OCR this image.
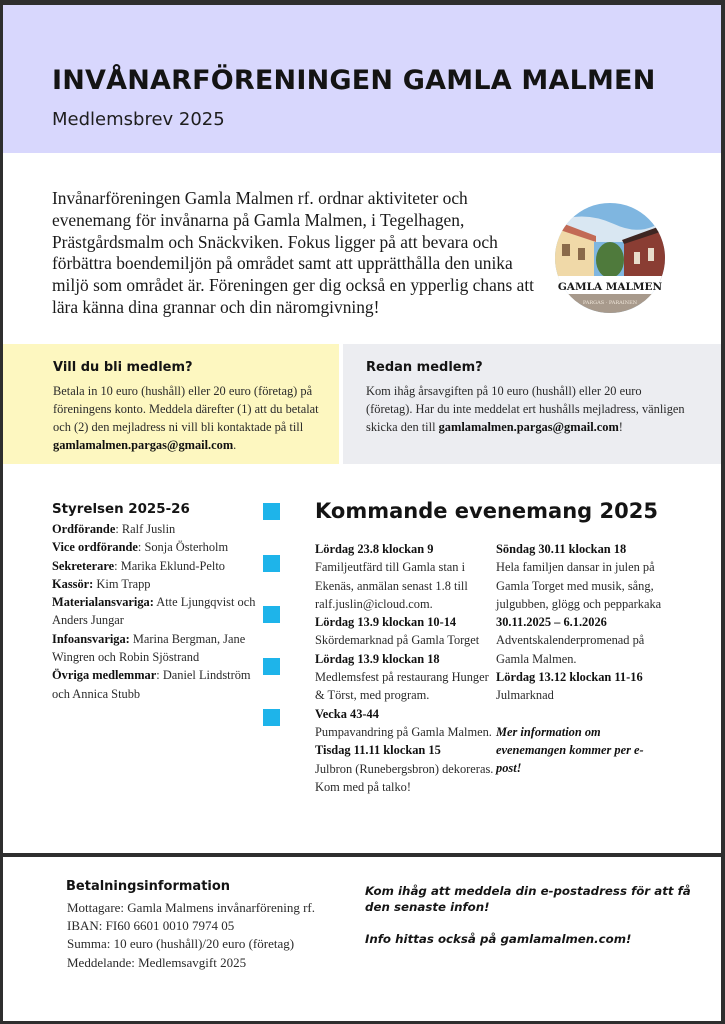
INVÅNARFÖRENINGEN GAMLA MALMEN

Medlemsbrev 2025

Invånarföreningen Gamla Malmen rf. ordnar aktiviteter och evenemang för invånarna på Gamla Malmen, i Tegelhagen, Prästgårdsmalm och Snäckviken. Fokus ligger på att bevara och förbättra boendemiljön på området samt att upprätthålla den unika miljö som området är. Föreningen ger dig också en ypperlig chans att lära känna dina grannar och din näromgivning!

GAMLA MALMEN
PARGAS · PARAINEN
Vill du bli medlem?

Betala in 10 euro (hushåll) eller 20 euro (företag) på föreningens konto. Meddela därefter (1) att du betalat och (2) den mejladress ni vill bli kontaktade på till gamlamalmen.pargas@gmail.com.

Redan medlem?

Kom ihåg årsavgiften på 10 euro (hushåll) eller 20 euro (företag). Har du inte meddelat ert hushålls mejladress, vänligen skicka den till gamlamalmen.pargas@gmail.com!

Styrelsen 2025-26
Ordförande: Ralf Juslin
Vice ordförande: Sonja Österholm
Sekreterare: Marika Eklund-Pelto
Kassör: Kim Trapp
Materialansvariga: Atte Ljungqvist och Anders Jungar
Infoansvariga: Marina Bergman, Jane Wingren och Robin Sjöstrand
Övriga medlemmar: Daniel Lindström och Annica Stubb
Kommande evenemang 2025
Lördag 23.8 klockan 9
Familjeutfärd till Gamla stan i Ekenäs, anmälan senast 1.8 till ralf.juslin@icloud.com.
Lördag 13.9 klockan 10-14
Skördemarknad på Gamla Torget
Lördag 13.9 klockan 18
Medlemsfest på restaurang Hunger & Törst, med program.
Vecka 43-44
Pumpavandring på Gamla Malmen.
Tisdag 11.11 klockan 15
Julbron (Runebergsbron) dekoreras. Kom med på talko!
Söndag 30.11 klockan 18
Hela familjen dansar in julen på Gamla Torget med musik, sång, julgubben, glögg och pepparkaka
30.11.2025 – 6.1.2026
Adventskalenderpromenad på Gamla Malmen.
Lördag 13.12 klockan 11-16
Julmarknad
Mer information om evenemangen kommer per e-post!
Betalningsinformation
Mottagare: Gamla Malmens invånarförening rf.
IBAN: FI60 6601 0010 7974 05
Summa: 10 euro (hushåll)/20 euro (företag)
Meddelande: Medlemsavgift 2025

Kom ihåg att meddela din e-postadress för att få den senaste infon!

Info hittas också på gamlamalmen.com!
